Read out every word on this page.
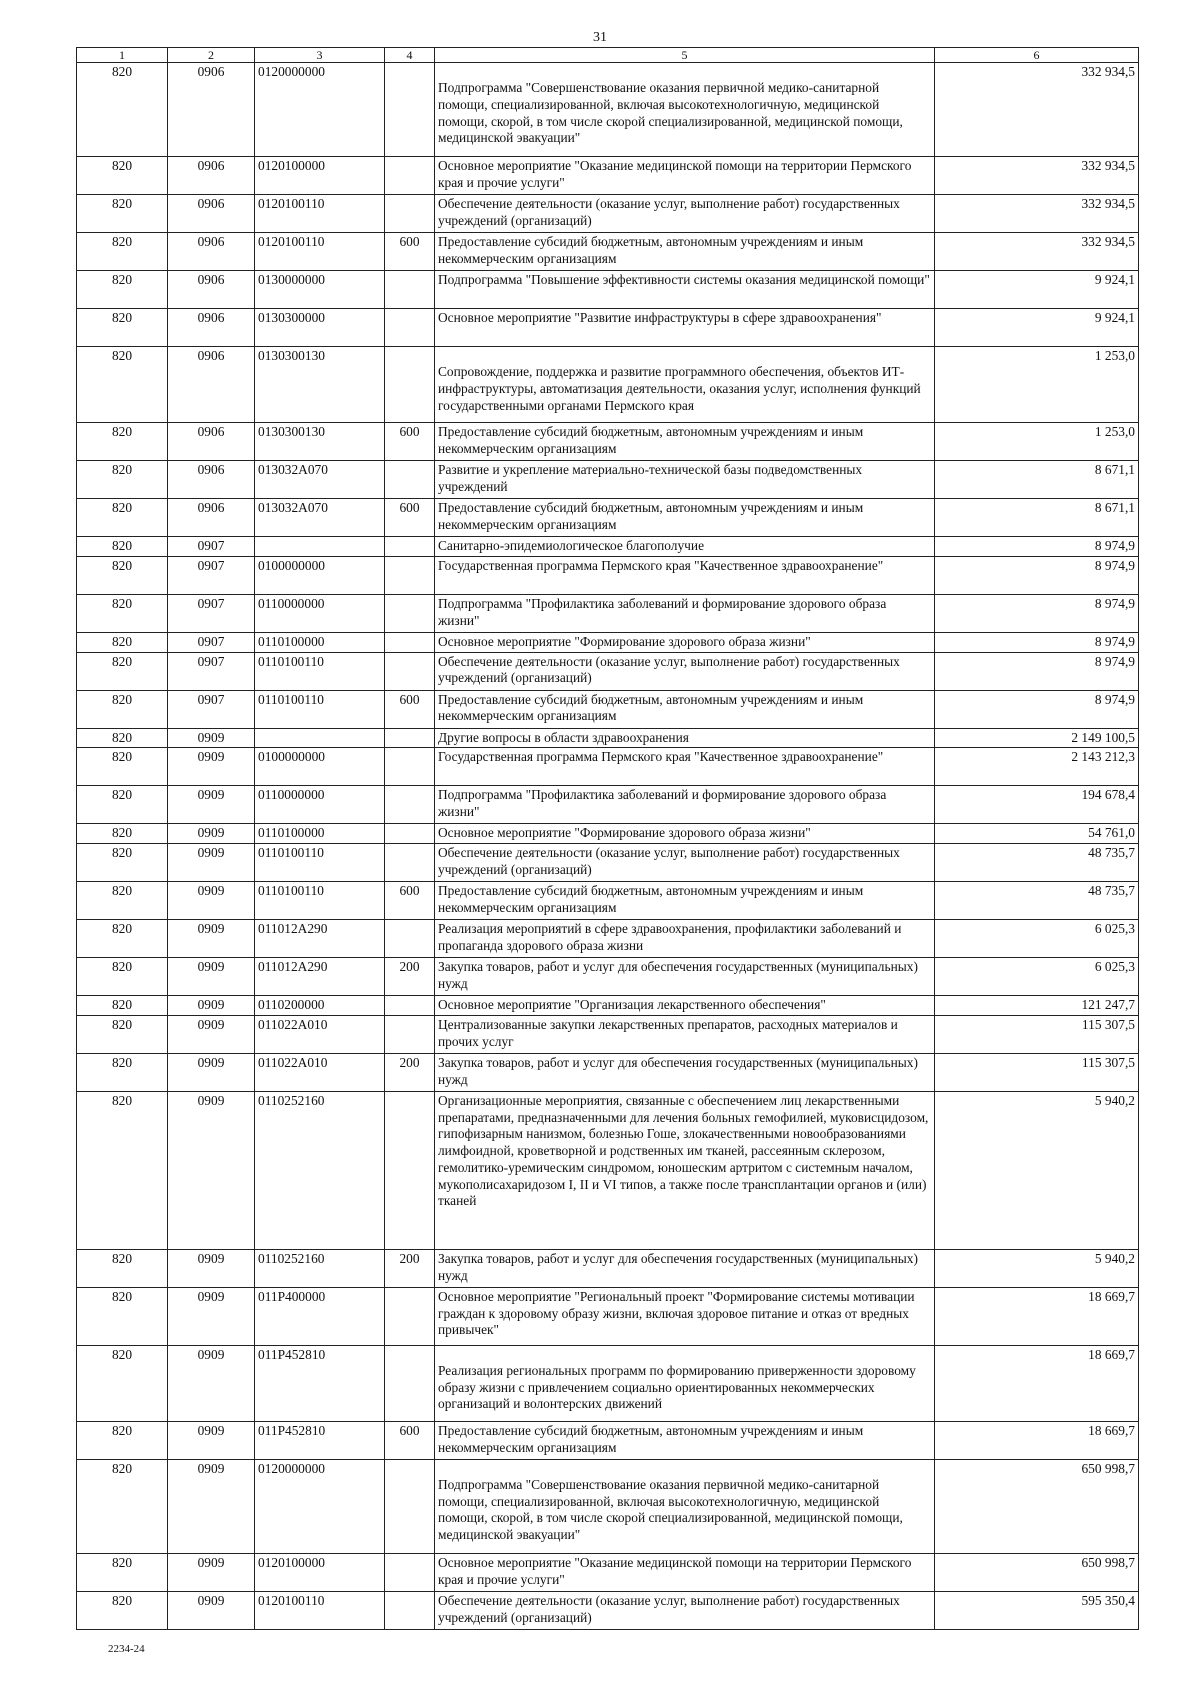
31
1	2	3	4	5	6
820	0906	0120000000		Подпрограмма "Совершенствование оказания первичной медико-санитарной помощи, специализированной, включая высокотехнологичную, медицинской помощи, скорой, в том числе скорой специализированной, медицинской помощи, медицинской эвакуации"	332 934,5
820	0906	0120100000		Основное мероприятие "Оказание медицинской помощи на территории Пермского края и прочие услуги"	332 934,5
820	0906	0120100110		Обеспечение деятельности (оказание услуг, выполнение работ) государственных учреждений (организаций)	332 934,5
820	0906	0120100110	600	Предоставление субсидий бюджетным, автономным учреждениям и иным некоммерческим организациям	332 934,5
820	0906	0130000000		Подпрограмма "Повышение эффективности системы оказания медицинской помощи"	9 924,1
820	0906	0130300000		Основное мероприятие "Развитие инфраструктуры в сфере здравоохранения"	9 924,1
820	0906	0130300130		Сопровождение, поддержка и развитие программного обеспечения, объектов ИТ-инфраструктуры, автоматизация деятельности, оказания услуг, исполнения функций государственными органами Пермского края	1 253,0
820	0906	0130300130	600	Предоставление субсидий бюджетным, автономным учреждениям и иным некоммерческим организациям	1 253,0
820	0906	013032А070		Развитие и укрепление материально-технической базы подведомственных учреждений	8 671,1
820	0906	013032А070	600	Предоставление субсидий бюджетным, автономным учреждениям и иным некоммерческим организациям	8 671,1
820	0907			Санитарно-эпидемиологическое благополучие	8 974,9
820	0907	0100000000		Государственная программа Пермского края "Качественное здравоохранение"	8 974,9
820	0907	0110000000		Подпрограмма "Профилактика заболеваний и формирование здорового образа жизни"	8 974,9
820	0907	0110100000		Основное мероприятие "Формирование здорового образа жизни"	8 974,9
820	0907	0110100110		Обеспечение деятельности (оказание услуг, выполнение работ) государственных учреждений (организаций)	8 974,9
820	0907	0110100110	600	Предоставление субсидий бюджетным, автономным учреждениям и иным некоммерческим организациям	8 974,9
820	0909			Другие вопросы в области здравоохранения	2 149 100,5
820	0909	0100000000		Государственная программа Пермского края "Качественное здравоохранение"	2 143 212,3
820	0909	0110000000		Подпрограмма "Профилактика заболеваний и формирование здорового образа жизни"	194 678,4
820	0909	0110100000		Основное мероприятие "Формирование здорового образа жизни"	54 761,0
820	0909	0110100110		Обеспечение деятельности (оказание услуг, выполнение работ) государственных учреждений (организаций)	48 735,7
820	0909	0110100110	600	Предоставление субсидий бюджетным, автономным учреждениям и иным некоммерческим организациям	48 735,7
820	0909	011012А290		Реализация мероприятий в сфере здравоохранения, профилактики заболеваний и пропаганда здорового образа жизни	6 025,3
820	0909	011012А290	200	Закупка товаров, работ и услуг для обеспечения государственных (муниципальных) нужд	6 025,3
820	0909	0110200000		Основное мероприятие "Организация лекарственного обеспечения"	121 247,7
820	0909	011022А010		Централизованные закупки лекарственных препаратов, расходных материалов и прочих услуг	115 307,5
820	0909	011022А010	200	Закупка товаров, работ и услуг для обеспечения государственных (муниципальных) нужд	115 307,5
820	0909	0110252160		Организационные мероприятия, связанные с обеспечением лиц лекарственными препаратами, предназначенными для лечения больных гемофилией, муковисцидозом, гипофизарным нанизмом, болезнью Гоше, злокачественными новообразованиями лимфоидной, кроветворной и родственных им тканей, рассеянным склерозом, гемолитико-уремическим синдромом, юношеским артритом с системным началом, мукополисахаридозом I, II и VI типов, а также после трансплантации органов и (или) тканей	5 940,2
820	0909	0110252160	200	Закупка товаров, работ и услуг для обеспечения государственных (муниципальных) нужд	5 940,2
820	0909	011P400000		Основное мероприятие "Региональный проект "Формирование системы мотивации граждан к здоровому образу жизни, включая здоровое питание и отказ от вредных привычек"	18 669,7
820	0909	011P452810		Реализация региональных программ по формированию приверженности здоровому образу жизни с привлечением социально ориентированных некоммерческих организаций и волонтерских движений	18 669,7
820	0909	011P452810	600	Предоставление субсидий бюджетным, автономным учреждениям и иным некоммерческим организациям	18 669,7
820	0909	0120000000		Подпрограмма "Совершенствование оказания первичной медико-санитарной помощи, специализированной, включая высокотехнологичную, медицинской помощи, скорой, в том числе скорой специализированной, медицинской помощи, медицинской эвакуации"	650 998,7
820	0909	0120100000		Основное мероприятие "Оказание медицинской помощи на территории Пермского края и прочие услуги"	650 998,7
820	0909	0120100110		Обеспечение деятельности (оказание услуг, выполнение работ) государственных учреждений (организаций)	595 350,4
2234-24
